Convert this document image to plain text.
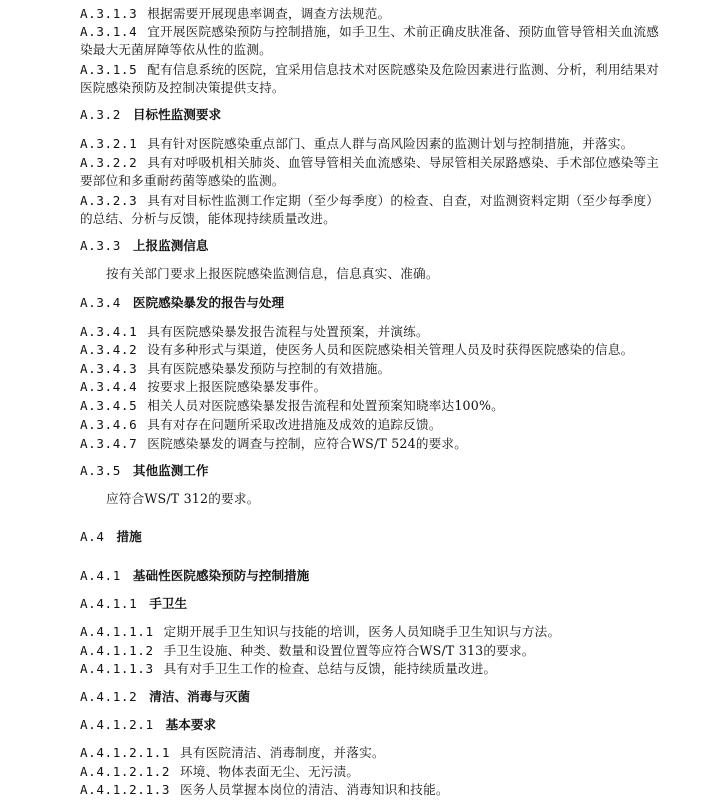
A.3.1.3 根据需要开展现患率调查，调查方法规范。
A.3.1.4 宜开展医院感染预防与控制措施，如手卫生、术前正确皮肤准备、预防血管导管相关血流感
染最大无菌屏障等依从性的监测。
A.3.1.5 配有信息系统的医院，宜采用信息技术对医院感染及危险因素进行监测、分析，利用结果对
医院感染预防及控制决策提供支持。
A.3.2 目标性监测要求
A.3.2.1 具有针对医院感染重点部门、重点人群与高风险因素的监测计划与控制措施，并落实。
A.3.2.2 具有对呼吸机相关肺炎、血管导管相关血流感染、导尿管相关尿路感染、手术部位感染等主
要部位和多重耐药菌等感染的监测。
A.3.2.3 具有对目标性监测工作定期（至少每季度）的检查、自查，对监测资料定期（至少每季度）
的总结、分析与反馈，能体现持续质量改进。
A.3.3 上报监测信息
按有关部门要求上报医院感染监测信息，信息真实、准确。
A.3.4 医院感染暴发的报告与处理
A.3.4.1 具有医院感染暴发报告流程与处置预案，并演练。
A.3.4.2 设有多种形式与渠道，使医务人员和医院感染相关管理人员及时获得医院感染的信息。
A.3.4.3 具有医院感染暴发预防与控制的有效措施。
A.3.4.4 按要求上报医院感染暴发事件。
A.3.4.5 相关人员对医院感染暴发报告流程和处置预案知晓率达100%。
A.3.4.6 具有对存在问题所采取改进措施及成效的追踪反馈。
A.3.4.7 医院感染暴发的调查与控制，应符合WS/T 524的要求。
A.3.5 其他监测工作
应符合WS/T 312的要求。
A.4 措施
A.4.1 基础性医院感染预防与控制措施
A.4.1.1 手卫生
A.4.1.1.1 定期开展手卫生知识与技能的培训，医务人员知晓手卫生知识与方法。
A.4.1.1.2 手卫生设施、种类、数量和设置位置等应符合WS/T 313的要求。
A.4.1.1.3 具有对手卫生工作的检查、总结与反馈，能持续质量改进。
A.4.1.2 清洁、消毒与灭菌
A.4.1.2.1 基本要求
A.4.1.2.1.1 具有医院清洁、消毒制度，并落实。
A.4.1.2.1.2 环境、物体表面无尘、无污渍。
A.4.1.2.1.3 医务人员掌握本岗位的清洁、消毒知识和技能。
